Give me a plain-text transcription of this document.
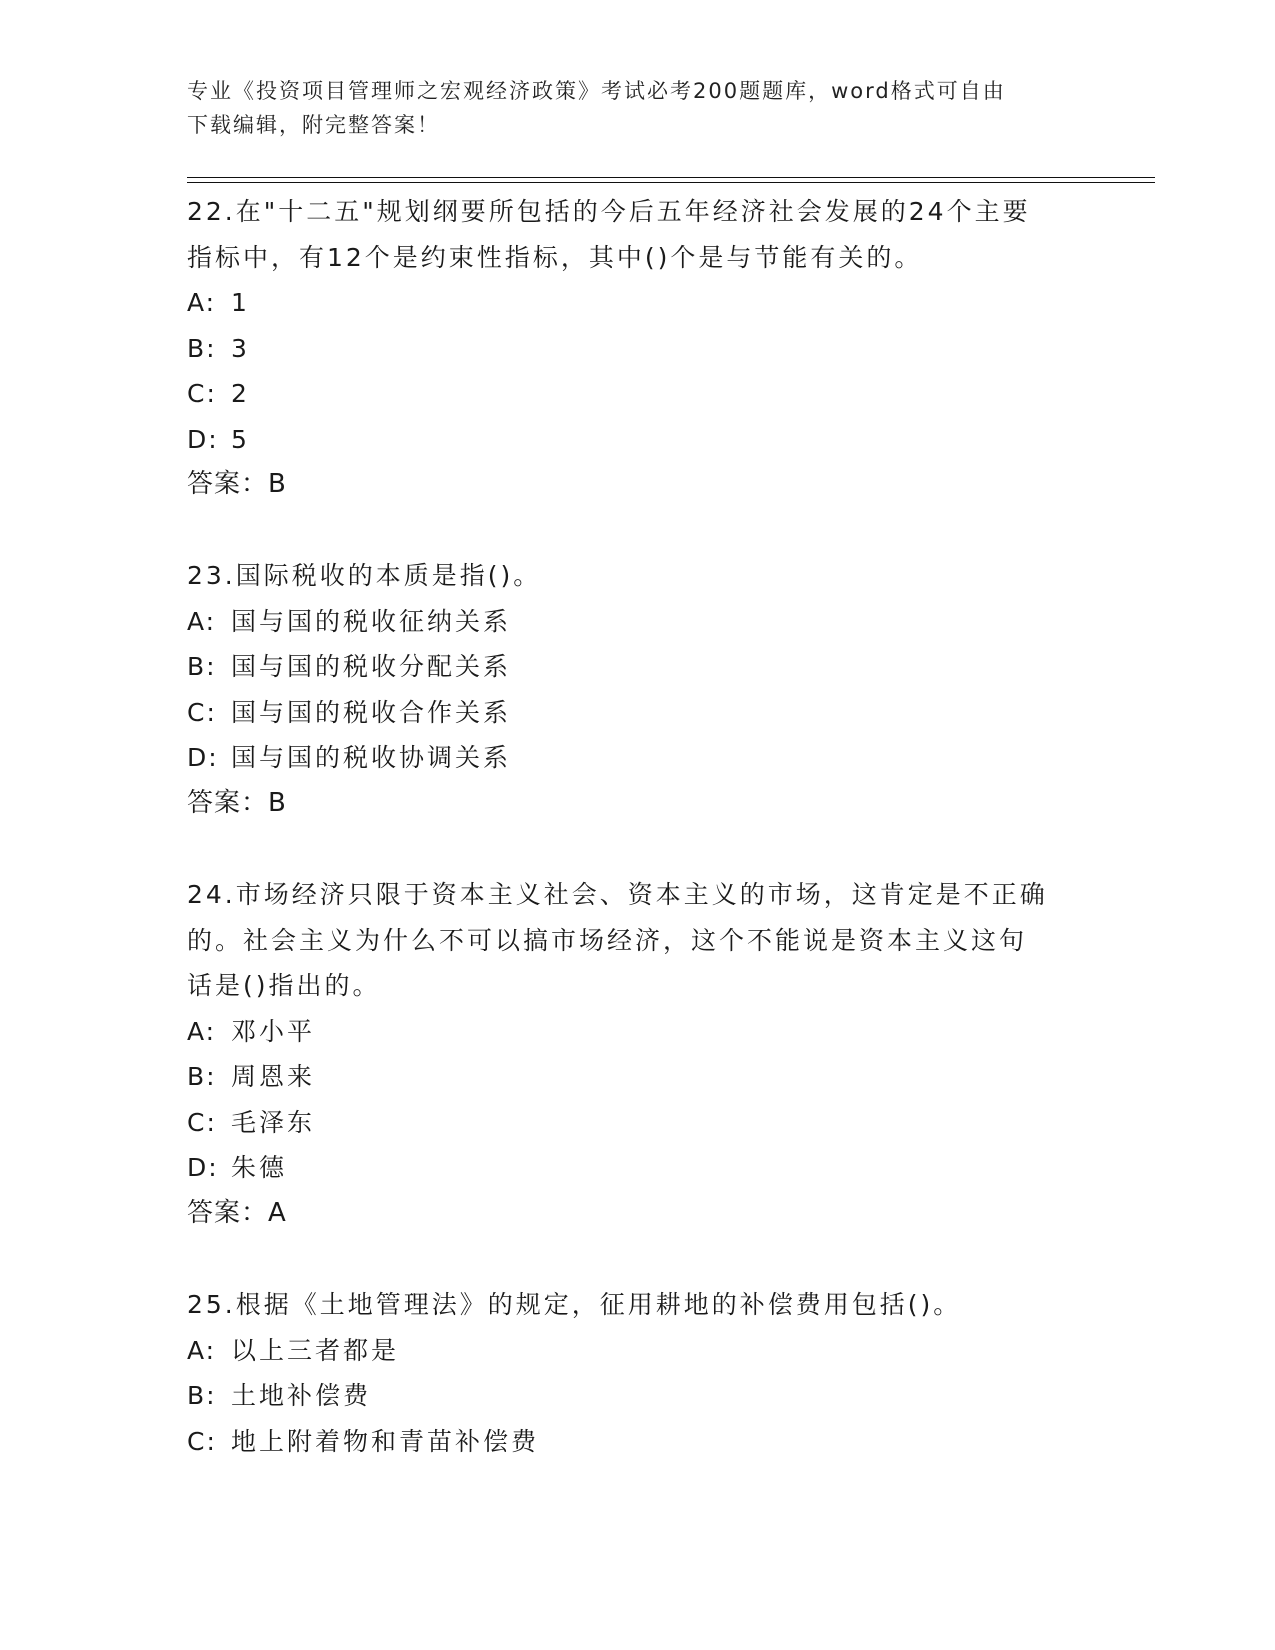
专业《投资项目管理师之宏观经济政策》考试必考200题题库，word格式可自由
下载编辑，附完整答案！

22.在"十二五"规划纲要所包括的今后五年经济社会发展的24个主要

指标中，有12个是约束性指标，其中()个是与节能有关的。

A: 1

B: 3

C: 2

D: 5

答案：B

23.国际税收的本质是指()。

A: 国与国的税收征纳关系

B: 国与国的税收分配关系

C: 国与国的税收合作关系

D: 国与国的税收协调关系

答案：B

24.市场经济只限于资本主义社会、资本主义的市场，这肯定是不正确

的。社会主义为什么不可以搞市场经济，这个不能说是资本主义这句

话是()指出的。

A: 邓小平

B: 周恩来

C: 毛泽东

D: 朱德

答案：A

25.根据《土地管理法》的规定，征用耕地的补偿费用包括()。

A: 以上三者都是

B: 土地补偿费

C: 地上附着物和青苗补偿费
